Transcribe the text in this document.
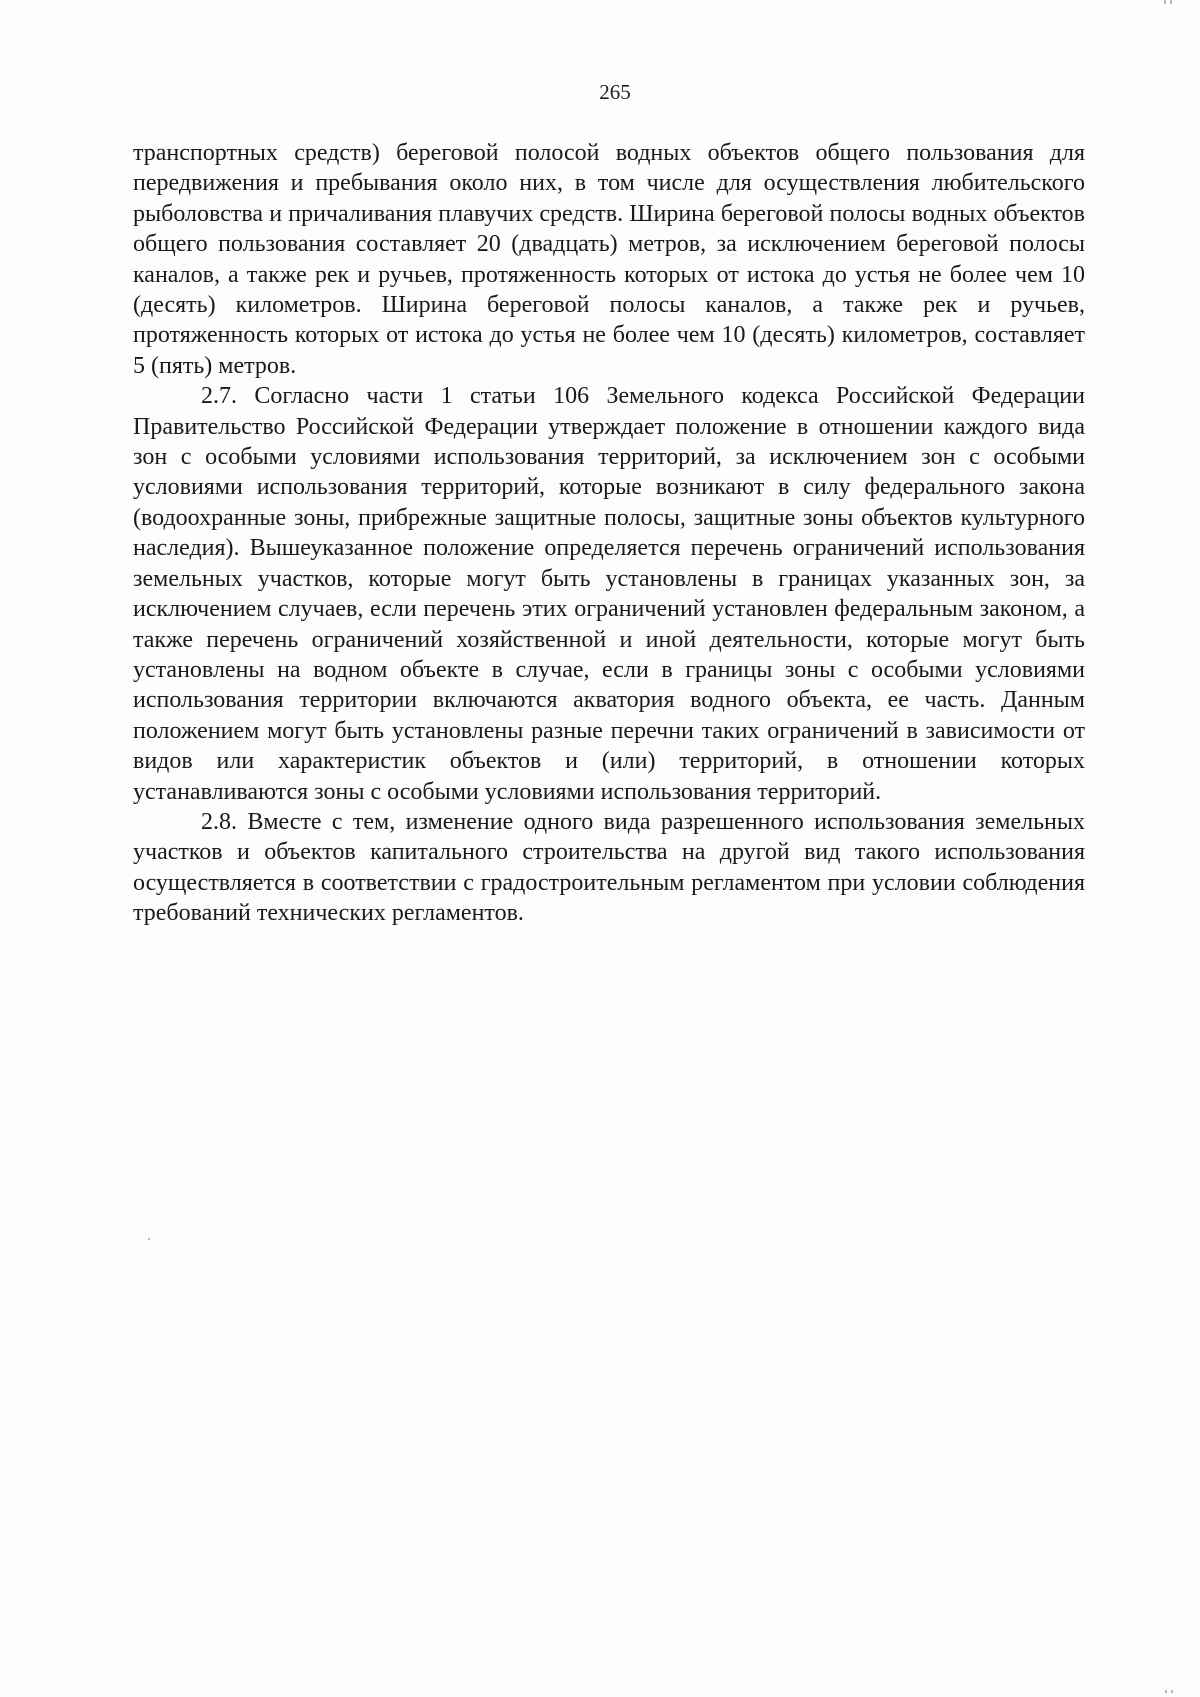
265

транспортных средств) береговой полосой водных объектов общего пользования для передвижения и пребывания около них, в том числе для осуществления любительского рыболовства и причаливания плавучих средств. Ширина береговой полосы водных объектов общего пользования составляет 20 (двадцать) метров, за исключением береговой полосы каналов, а также рек и ручьев, протяженность которых от истока до устья не более чем 10 (десять) километров. Ширина береговой полосы каналов, а также рек и ручьев, протяженность которых от истока до устья не более чем 10 (десять) километров, составляет 5 (пять) метров.

2.7. Согласно части 1 статьи 106 Земельного кодекса Российской Федерации Правительство Российской Федерации утверждает положение в отношении каждого вида зон с особыми условиями использования территорий, за исключением зон с особыми условиями использования территорий, которые возникают в силу федерального закона (водоохранные зоны, прибрежные защитные полосы, защитные зоны объектов культурного наследия). Вышеуказанное положение определяется перечень ограничений использования земельных участков, которые могут быть установлены в границах указанных зон, за исключением случаев, если перечень этих ограничений установлен федеральным законом, а также перечень ограничений хозяйственной и иной деятельности, которые могут быть установлены на водном объекте в случае, если в границы зоны с особыми условиями использования территории включаются акватория водного объекта, ее часть. Данным положением могут быть установлены разные перечни таких ограничений в зависимости от видов или характеристик объектов и (или) территорий, в отношении которых устанавливаются зоны с особыми условиями использования территорий.

2.8. Вместе с тем, изменение одного вида разрешенного использования земельных участков и объектов капитального строительства на другой вид такого использования осуществляется в соответствии с градостроительным регламентом при условии соблюдения требований технических регламентов.
